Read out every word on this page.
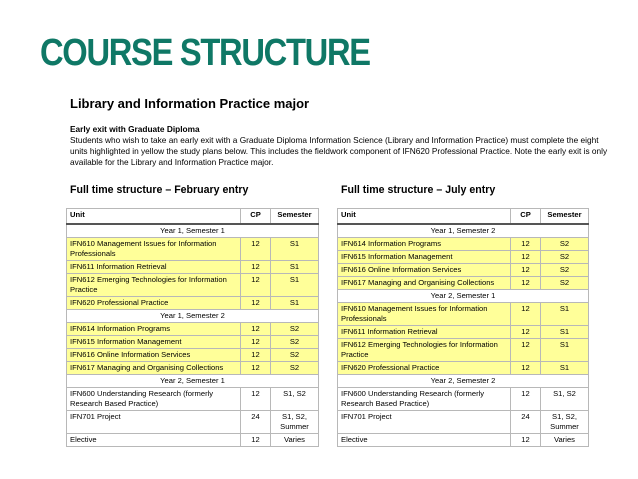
COURSE STRUCTURE
Library and Information Practice major
Early exit with Graduate Diploma
Students who wish to take an early exit with a Graduate Diploma Information Science (Library and Information Practice) must complete the eight units highlighted in yellow the study plans below. This includes the fieldwork component of IFN620 Professional Practice. Note the early exit is only available for the Library and Information Practice major.
Full time structure – February entry	Full time structure – July entry
Unit	CP	Semester
Year 1, Semester 1		
IFN610 Management Issues for Information Professionals	12	S1
IFN611 Information Retrieval	12	S1
IFN612 Emerging Technologies for Information Practice	12	S1
IFN620 Professional Practice	12	S1
Year 1, Semester 2		
IFN614 Information Programs	12	S2
IFN615 Information Management	12	S2
IFN616 Online Information Services	12	S2
IFN617 Managing and Organising Collections	12	S2
Year 2, Semester 1		
IFN600 Understanding Research (formerly Research Based Practice)	12	S1, S2
IFN701 Project	24	S1, S2, Summer
Elective	12	Varies
Unit	CP	Semester
Year 1, Semester 2		
IFN614 Information Programs	12	S2
IFN615 Information Management	12	S2
IFN616 Online Information Services	12	S2
IFN617 Managing and Organising Collections	12	S2
Year 2, Semester 1		
IFN610 Management Issues for Information Professionals	12	S1
IFN611 Information Retrieval	12	S1
IFN612 Emerging Technologies for Information Practice	12	S1
IFN620 Professional Practice	12	S1
Year 2, Semester 2		
IFN600 Understanding Research (formerly Research Based Practice)	12	S1, S2
IFN701 Project	24	S1, S2, Summer
Elective	12	Varies
